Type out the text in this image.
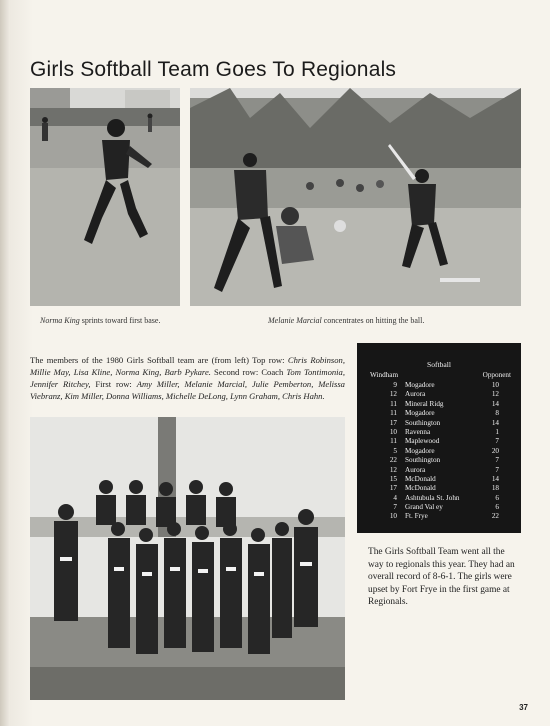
Girls Softball Team Goes To Regionals
Norma King sprints toward first base.	Melanie Marcial concentrates on hitting the ball.
The members of the 1980 Girls Softball team are (from left) Top row: Chris Robinson, Millie May, Lisa Kline, Norma King, Barb Pykare. Second row: Coach Tom Tontimonia, Jennifer Ritchey, First row: Amy Miller, Melanie Marcial, Julie Pemberton, Melissa Viebranz, Kim Miller, Donna Williams, Michelle DeLong, Lynn Graham, Chris Hahn.
Softball
Windham	Opponent
9 Mogadore	10
12 Aurora	12
11 Mineral Ridg	14
11 Mogadore	8
17 Southington	14
10 Ravenna	1
11 Maplewood	7
5 Mogadore	20
22 Southington	7
12 Aurora	7
15 McDonald	14
17 McDonald	18
4 Ashtubula St. John	6
7 Grand Val ey	6
10 Ft. Frye	22
The Girls Softball Team went all the way to regionals this year. They had an overall record of 8-6-1. The girls were upset by Fort Frye in the first game at Regionals.
37
